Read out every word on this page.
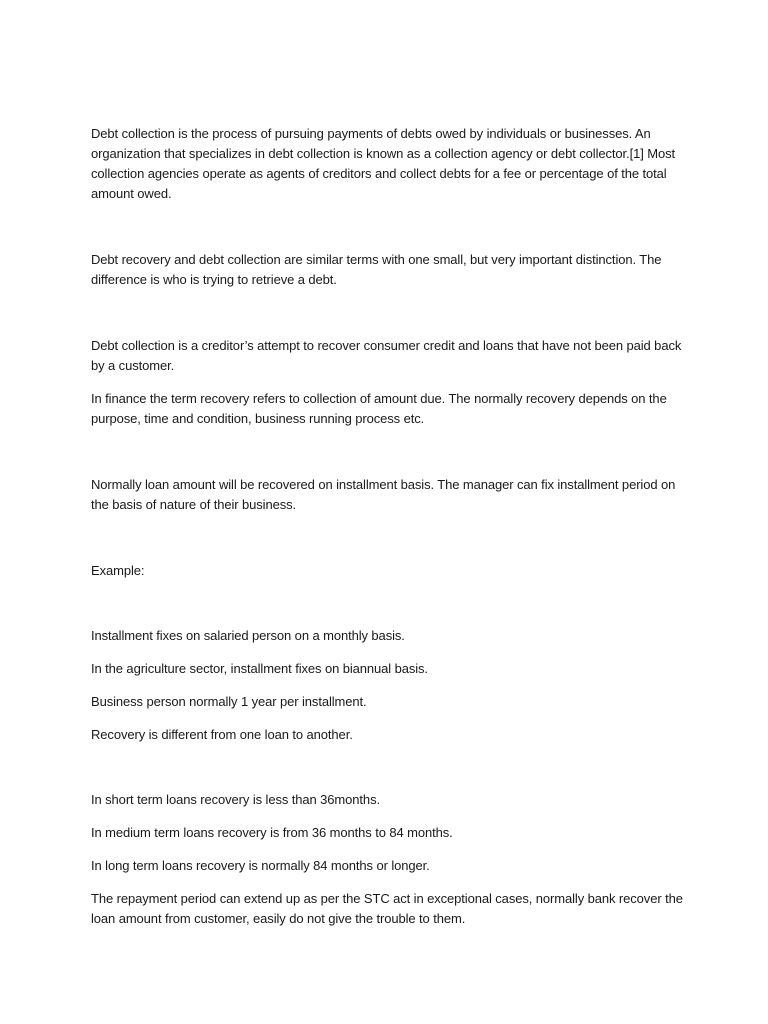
Debt collection is the process of pursuing payments of debts owed by individuals or businesses. An organization that specializes in debt collection is known as a collection agency or debt collector.[1] Most collection agencies operate as agents of creditors and collect debts for a fee or percentage of the total amount owed.

Debt recovery and debt collection are similar terms with one small, but very important distinction. The difference is who is trying to retrieve a debt.

Debt collection is a creditor’s attempt to recover consumer credit and loans that have not been paid back by a customer.

In finance the term recovery refers to collection of amount due. The normally recovery depends on the purpose, time and condition, business running process etc.

Normally loan amount will be recovered on installment basis. The manager can fix installment period on the basis of nature of their business.

Example:

Installment fixes on salaried person on a monthly basis.

In the agriculture sector, installment fixes on biannual basis.

Business person normally 1 year per installment.

Recovery is different from one loan to another.

In short term loans recovery is less than 36months.

In medium term loans recovery is from 36 months to 84 months.

In long term loans recovery is normally 84 months or longer.

The repayment period can extend up as per the STC act in exceptional cases, normally bank recover the loan amount from customer, easily do not give the trouble to them.
